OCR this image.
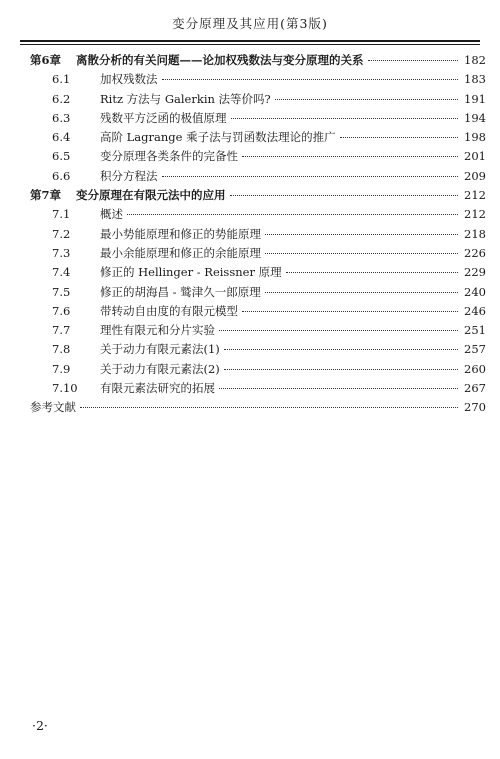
变分原理及其应用(第3版)
第6章	离散分析的有关问题——论加权残数法与变分原理的关系	182
6.1	加权残数法	183
6.2	Ritz 方法与 Galerkin 法等价吗?	191
6.3	残数平方泛函的极值原理	194
6.4	高阶 Lagrange 乘子法与罚函数法理论的推广	198
6.5	变分原理各类条件的完备性	201
6.6	积分方程法	209
第7章	变分原理在有限元法中的应用	212
7.1	概述	212
7.2	最小势能原理和修正的势能原理	218
7.3	最小余能原理和修正的余能原理	226
7.4	修正的 Hellinger - Reissner 原理	229
7.5	修正的胡海昌 - 鹫津久一郎原理	240
7.6	带转动自由度的有限元模型	246
7.7	理性有限元和分片实验	251
7.8	关于动力有限元素法(1)	257
7.9	关于动力有限元素法(2)	260
7.10	有限元素法研究的拓展	267
参考文献	270
·2·
